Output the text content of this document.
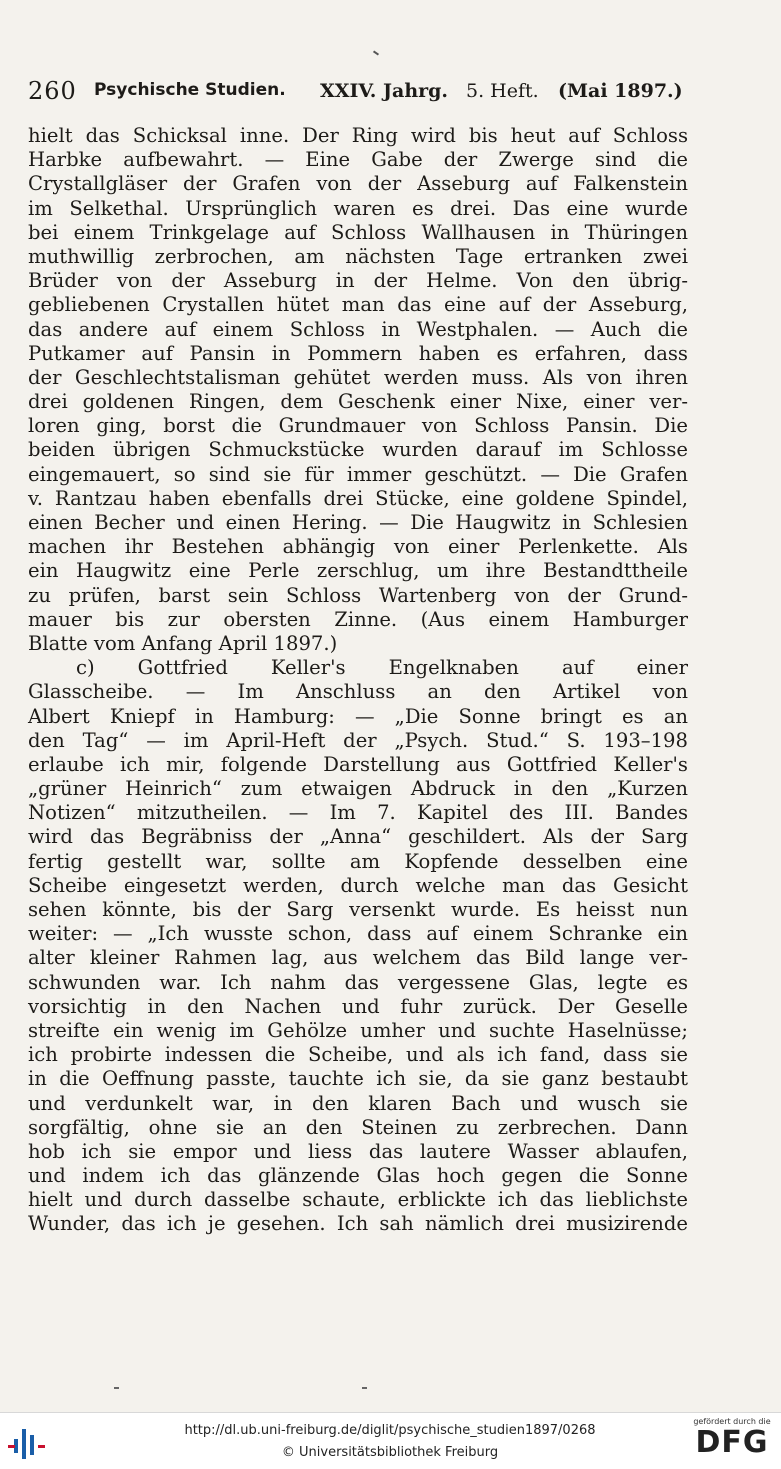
260 Psychische Studien. XXIV. Jahrg. 5. Heft. (Mai 1897.)
hielt das Schicksal inne. Der Ring wird bis heut auf Schloss
Harbke aufbewahrt. — Eine Gabe der Zwerge sind die
Crystallgläser der Grafen von der Asseburg auf Falkenstein
im Selkethal. Ursprünglich waren es drei. Das eine wurde
bei einem Trinkgelage auf Schloss Wallhausen in Thüringen
muthwillig zerbrochen, am nächsten Tage ertranken zwei
Brüder von der Asseburg in der Helme. Von den übrig-
gebliebenen Crystallen hütet man das eine auf der Asseburg,
das andere auf einem Schloss in Westphalen. — Auch die
Putkamer auf Pansin in Pommern haben es erfahren, dass
der Geschlechtstalisman gehütet werden muss. Als von ihren
drei goldenen Ringen, dem Geschenk einer Nixe, einer ver-
loren ging, borst die Grundmauer von Schloss Pansin. Die
beiden übrigen Schmuckstücke wurden darauf im Schlosse
eingemauert, so sind sie für immer geschützt. — Die Grafen
v. Rantzau haben ebenfalls drei Stücke, eine goldene Spindel,
einen Becher und einen Hering. — Die Haugwitz in Schlesien
machen ihr Bestehen abhängig von einer Perlenkette. Als
ein Haugwitz eine Perle zerschlug, um ihre Bestandttheile
zu prüfen, barst sein Schloss Wartenberg von der Grund-
mauer bis zur obersten Zinne. (Aus einem Hamburger
Blatte vom Anfang April 1897.)
c) Gottfried Keller's Engelknaben auf einer
Glasscheibe. — Im Anschluss an den Artikel von
Albert Kniepf in Hamburg: — „Die Sonne bringt es an
den Tag“ — im April-Heft der „Psych. Stud.“ S. 193–198
erlaube ich mir, folgende Darstellung aus Gottfried Keller's
„grüner Heinrich“ zum etwaigen Abdruck in den „Kurzen
Notizen“ mitzutheilen. — Im 7. Kapitel des III. Bandes
wird das Begräbniss der „Anna“ geschildert. Als der Sarg
fertig gestellt war, sollte am Kopfende desselben eine
Scheibe eingesetzt werden, durch welche man das Gesicht
sehen könnte, bis der Sarg versenkt wurde. Es heisst nun
weiter: — „Ich wusste schon, dass auf einem Schranke ein
alter kleiner Rahmen lag, aus welchem das Bild lange ver-
schwunden war. Ich nahm das vergessene Glas, legte es
vorsichtig in den Nachen und fuhr zurück. Der Geselle
streifte ein wenig im Gehölze umher und suchte Haselnüsse;
ich probirte indessen die Scheibe, und als ich fand, dass sie
in die Oeffnung passte, tauchte ich sie, da sie ganz bestaubt
und verdunkelt war, in den klaren Bach und wusch sie
sorgfältig, ohne sie an den Steinen zu zerbrechen. Dann
hob ich sie empor und liess das lautere Wasser ablaufen,
und indem ich das glänzende Glas hoch gegen die Sonne
hielt und durch dasselbe schaute, erblickte ich das lieblichste
Wunder, das ich je gesehen. Ich sah nämlich drei musizirende
http://dl.ub.uni-freiburg.de/diglit/psychische_studien1897/0268
© Universitätsbibliothek Freiburg
gefördert durch die
DFG
